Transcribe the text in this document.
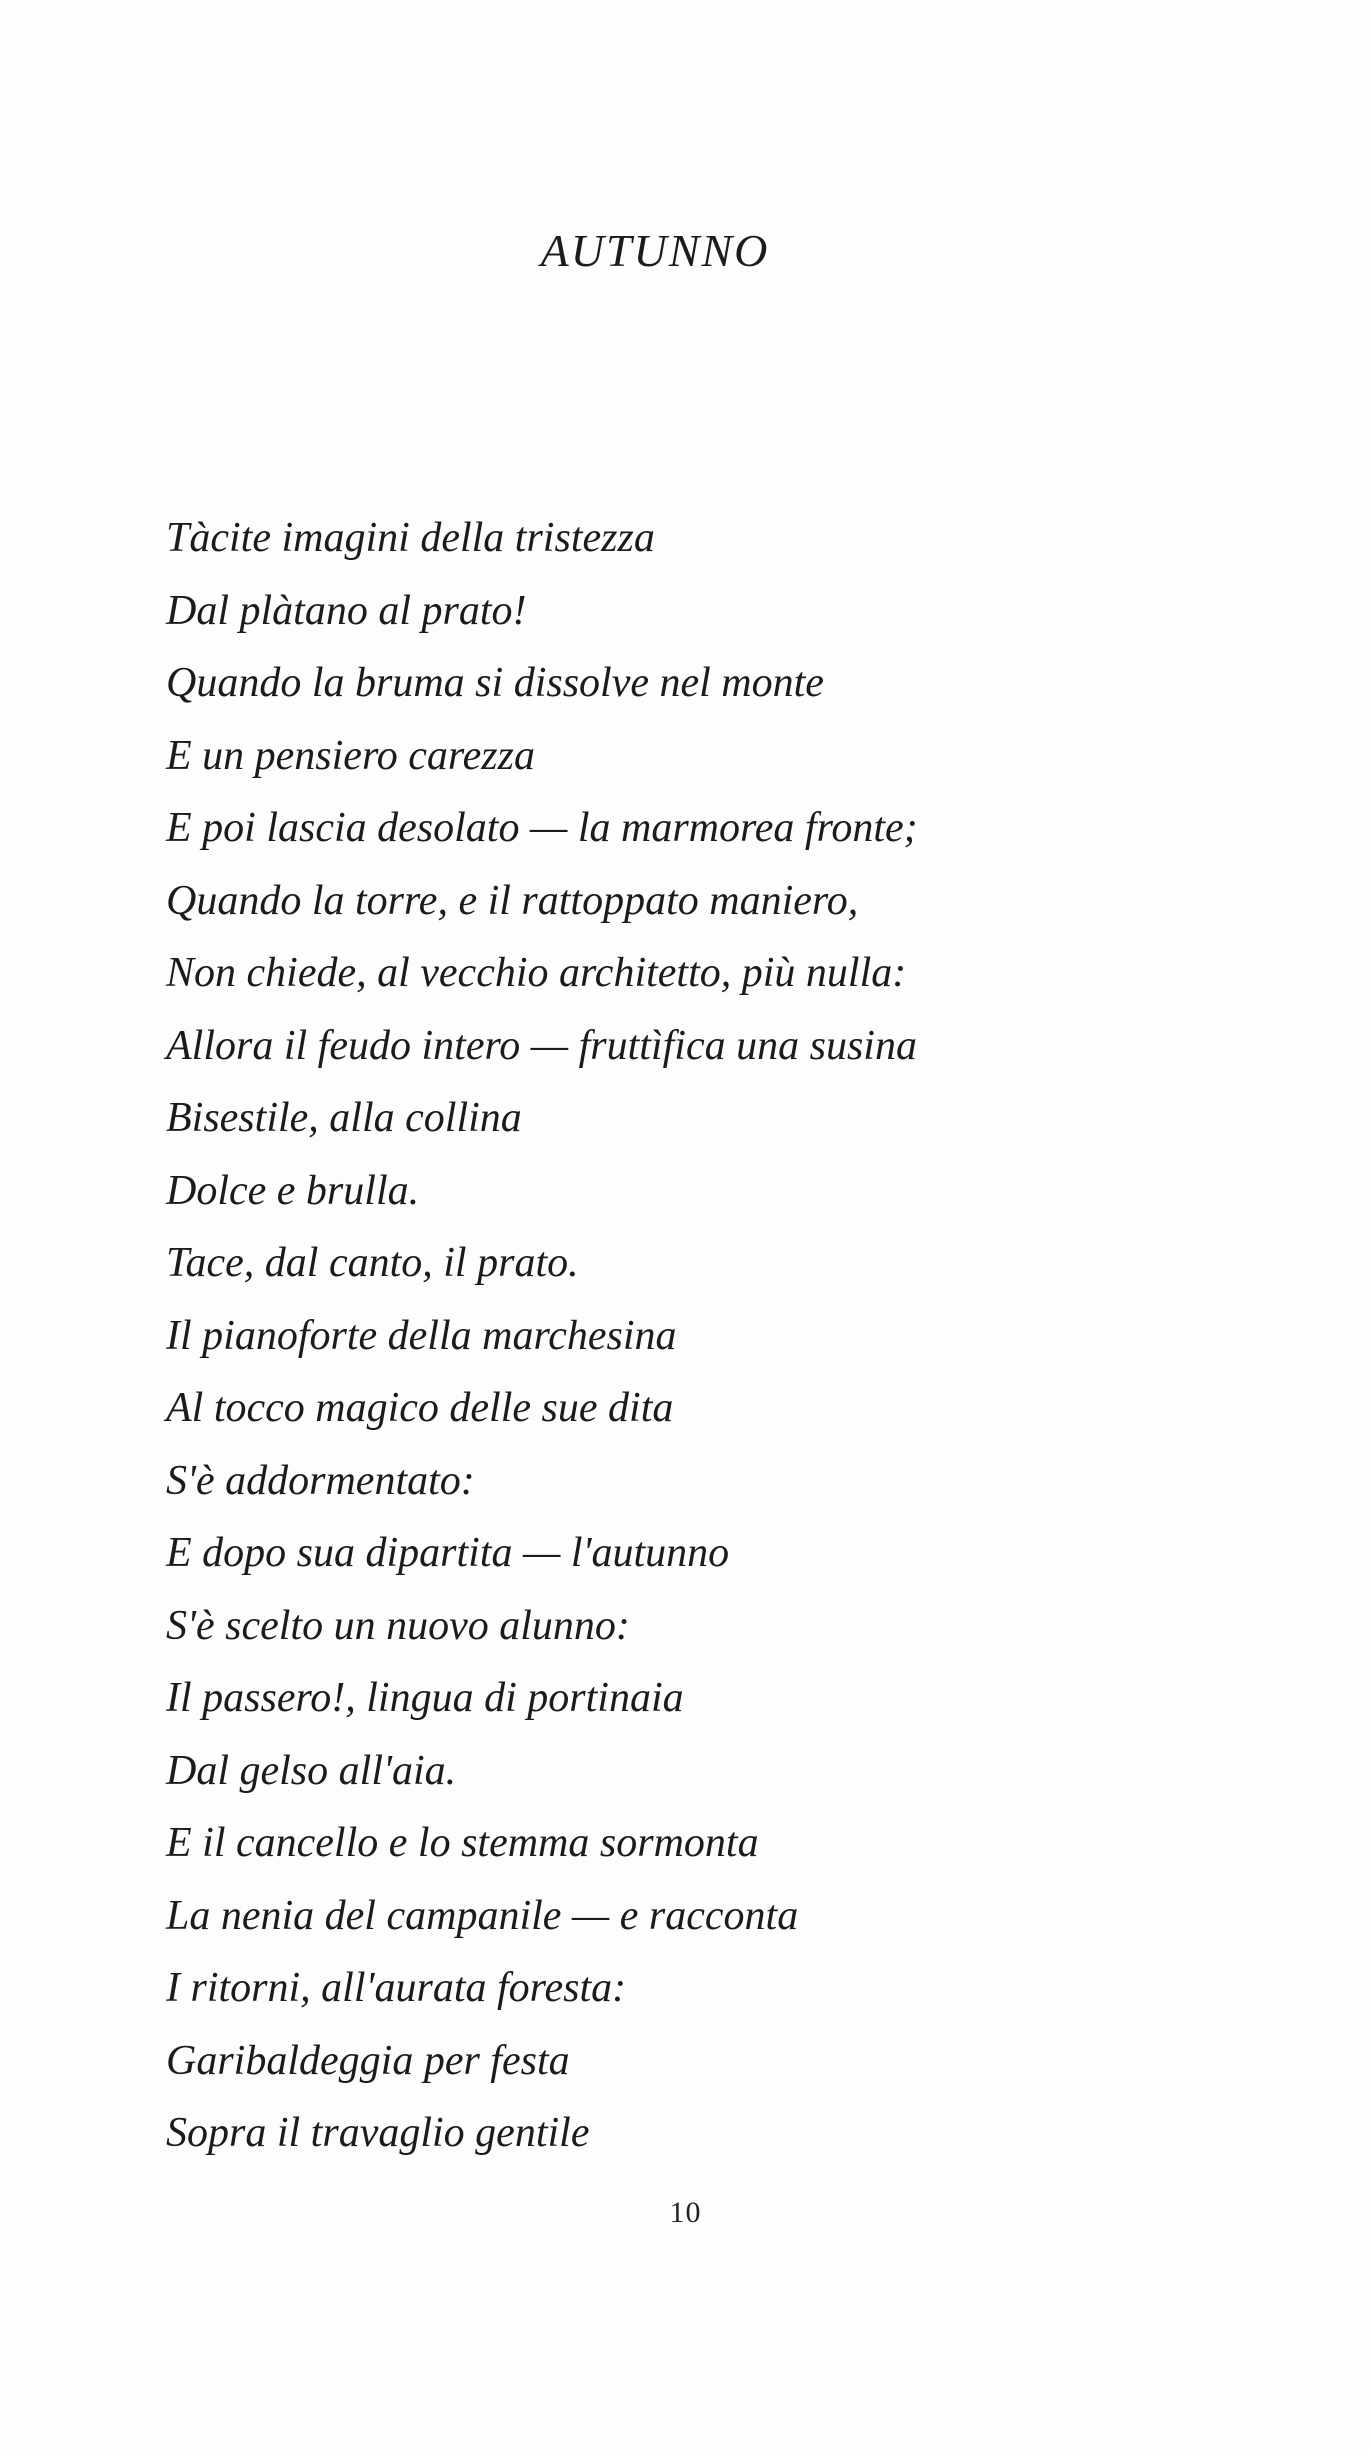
AUTUNNO
Tàcite imagini della tristezza
Dal plàtano al prato!
Quando la bruma si dissolve nel monte
E un pensiero carezza
E poi lascia desolato — la marmorea fronte;
Quando la torre, e il rattoppato maniero,
Non chiede, al vecchio architetto, più nulla:
Allora il feudo intero — fruttìfica una susina
Bisestile, alla collina
Dolce e brulla.
Tace, dal canto, il prato.
Il pianoforte della marchesina
Al tocco magico delle sue dita
S'è addormentato:
E dopo sua dipartita — l'autunno
S'è scelto un nuovo alunno:
Il passero!, lingua di portinaia
Dal gelso all'aia.
E il cancello e lo stemma sormonta
La nenia del campanile — e racconta
I ritorni, all'aurata foresta:
Garibaldeggia per festa
Sopra il travaglio gentile
10
